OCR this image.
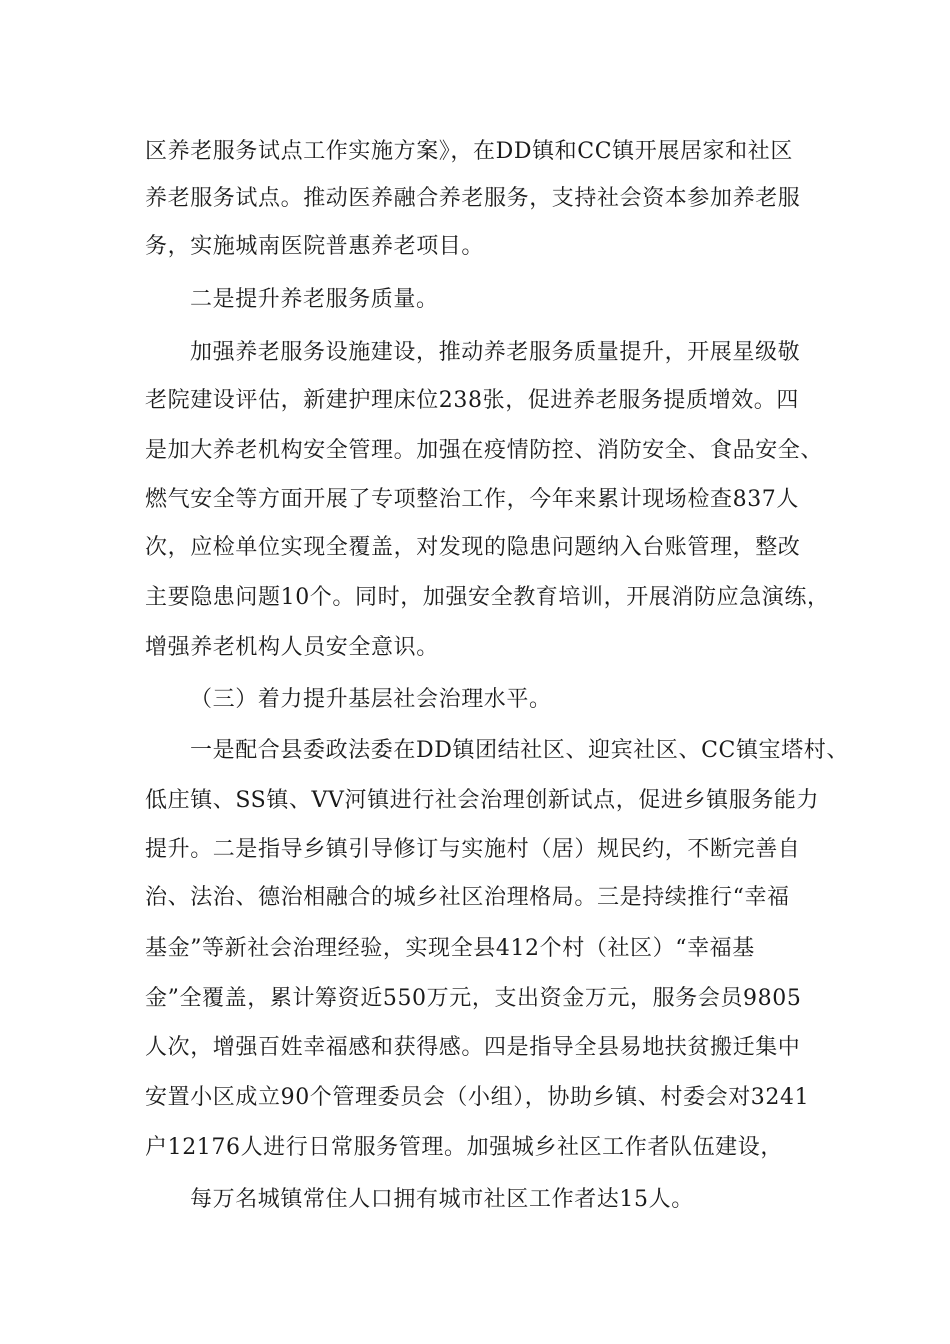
区养老服务试点工作实施方案》，在DD镇和CC镇开展居家和社区

养老服务试点。推动医养融合养老服务，支持社会资本参加养老服

务，实施城南医院普惠养老项目。

二是提升养老服务质量。

加强养老服务设施建设，推动养老服务质量提升，开展星级敬

老院建设评估，新建护理床位238张，促进养老服务提质增效。四

是加大养老机构安全管理。加强在疫情防控、消防安全、食品安全、

燃气安全等方面开展了专项整治工作，今年来累计现场检查837人

次，应检单位实现全覆盖，对发现的隐患问题纳入台账管理，整改

主要隐患问题10个。同时，加强安全教育培训，开展消防应急演练，

增强养老机构人员安全意识。

（三）着力提升基层社会治理水平。

一是配合县委政法委在DD镇团结社区、迎宾社区、CC镇宝塔村、

低庄镇、SS镇、VV河镇进行社会治理创新试点，促进乡镇服务能力

提升。二是指导乡镇引导修订与实施村（居）规民约，不断完善自

治、法治、德治相融合的城乡社区治理格局。三是持续推行“幸福

基金”等新社会治理经验，实现全县412个村（社区）“幸福基

金”全覆盖，累计筹资近550万元，支出资金万元，服务会员9805

人次，增强百姓幸福感和获得感。四是指导全县易地扶贫搬迁集中

安置小区成立90个管理委员会（小组），协助乡镇、村委会对3241

户12176人进行日常服务管理。加强城乡社区工作者队伍建设，

每万名城镇常住人口拥有城市社区工作者达15人。
